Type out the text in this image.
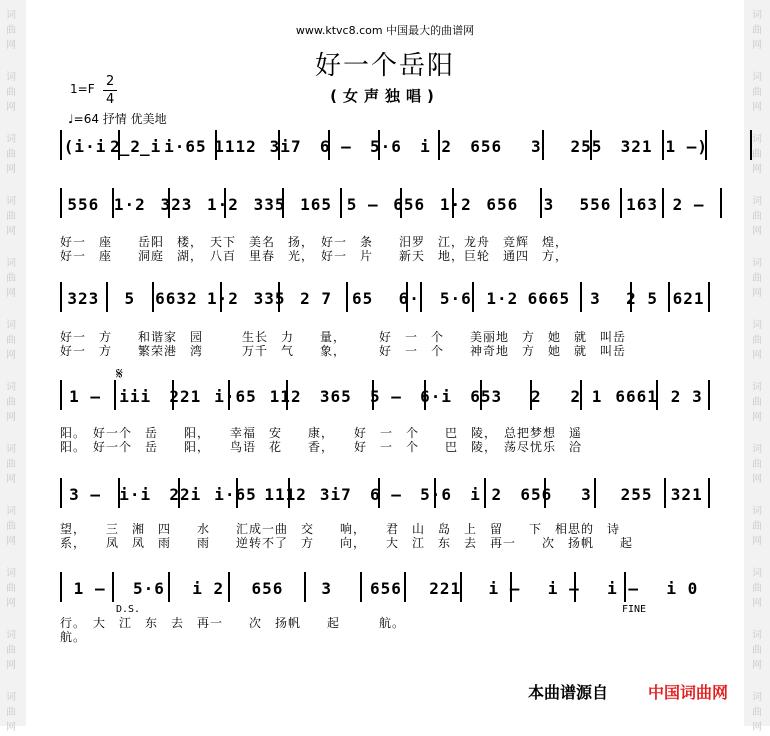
词
曲
网
词
曲
网
词
曲
网
词
曲
网
词
曲
网
词
曲
网
词
曲
网
词
曲
网
词
曲
网
词
曲
网
词
曲
网
词
曲
网
词
曲
网
词
曲
网
词
曲
网
词
曲
网
词
曲
网
词
曲
网
词
曲
网
词
曲
网
词
曲
网
词
曲
网
词
曲
网
词
曲
网
www.ktvc8.com 中国最大的曲谱网
好一个岳阳
(女声独唱)
1=F 2
4
♩=64 抒情 优美地
(i·i 2̲2̲i i·65 1112 3i7	6 –	5·6	i 2	656	3	255	321 1 –)
556 1·2 323 1·2 335 165 5 – 656 1·2 656	3	556 163 2 –
323	5	6632 1·2 335 2 7	65	6·	5·6 1·2 6665	3	2 5 621
1 –	iii	221 i·65 112	365	5 –	6·i	653	2	2 1 6661 2 3
3 –	i·i	22i i·65 1112 3i7	6 –	5·6	i 2	656	3	255	321
1 –	5·6	i 2	656	3	656	221	i –	i –	i –	i 0
好一　座　　岳阳　楼，　天下　美名　扬，　好一　条　　汨罗　江，龙舟　竞辉　煌，
好一　座　　洞庭　湖，　八百　里春　光，　好一　片　　新天　地，巨轮　通四　方，
好一　方　　和谐家　园　　　生长　力　　量，　　　好　一　个　　美丽地　方　她　就　叫岳
好一　方　　繁荣港　湾　　　万千　气　　象，　　　好　一　个　　神奇地　方　她　就　叫岳
阳。　好一个　岳　　阳，　　幸福　安　　康，　　好　一　个　　巴　陵，　总把梦想　遥
阳。　好一个　岳　　阳，　　鸟语　花　　香，　　好　一　个　　巴　陵，　荡尽忧乐　洽
望，　　三　湘　四　　水　　汇成一曲　交　　响，　　君　山　岛　上　留　　下　相思的　诗
系，　　凤　凤　雨　　雨　　逆转不了　方　　向，　　大　江　东　去　再一　　次　扬帆　　起
行。　大　江　东　去　再一　　次　扬帆　　起　　　航。
航。
D.S.	FINE
𝄋
本曲谱源自 中国词曲网
